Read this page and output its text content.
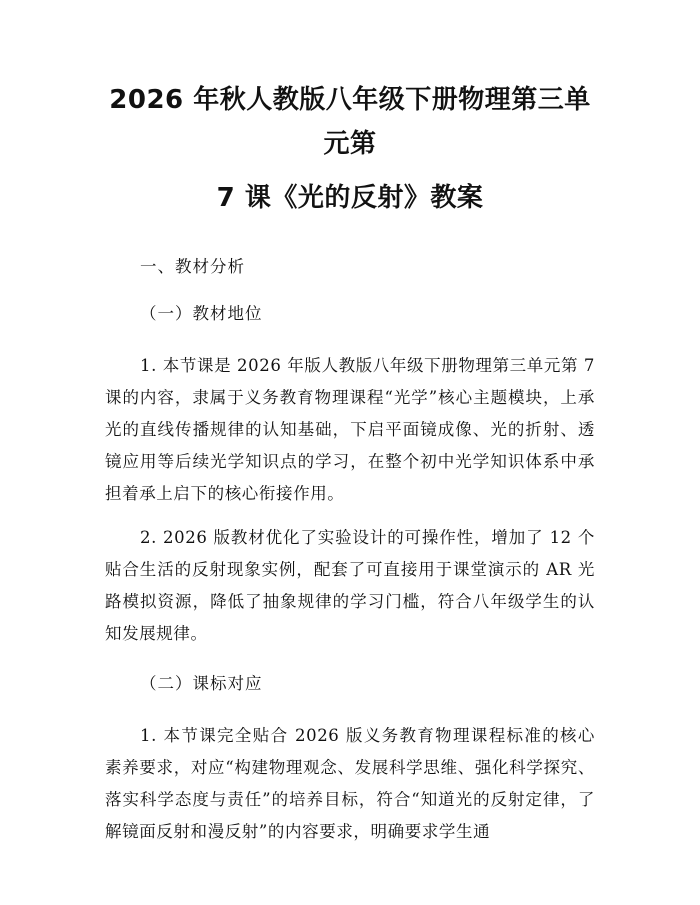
2026 年秋人教版八年级下册物理第三单元第
7 课《光的反射》教案

一、教材分析

（一）教材地位

1. 本节课是 2026 年版人教版八年级下册物理第三单元第 7 课的内容，隶属于义务教育物理课程“光学”核心主题模块，上承光的直线传播规律的认知基础，下启平面镜成像、光的折射、透镜应用等后续光学知识点的学习，在整个初中光学知识体系中承担着承上启下的核心衔接作用。

2. 2026 版教材优化了实验设计的可操作性，增加了 12 个贴合生活的反射现象实例，配套了可直接用于课堂演示的 AR 光路模拟资源，降低了抽象规律的学习门槛，符合八年级学生的认知发展规律。

（二）课标对应

1. 本节课完全贴合 2026 版义务教育物理课程标准的核心素养要求，对应“构建物理观念、发展科学思维、强化科学探究、落实科学态度与责任”的培养目标，符合“知道光的反射定律，了解镜面反射和漫反射”的内容要求，明确要求学生通
